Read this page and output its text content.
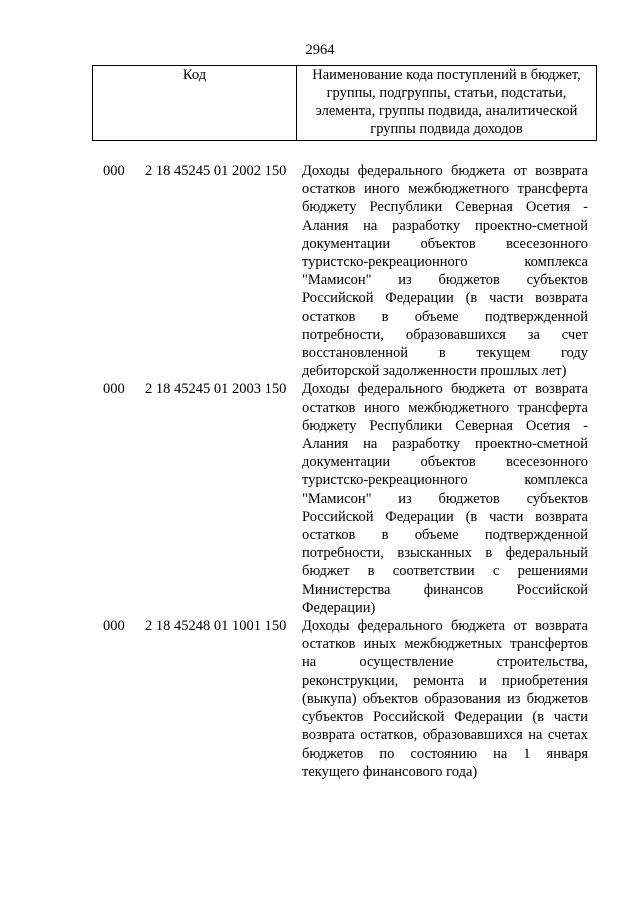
2964
Код	Наименование кода поступлений в бюджет, группы, подгруппы, статьи, подстатьи, элемента, группы подвида, аналитической группы подвида доходов
000 2 18 45245 01 2002 150 Доходы федерального бюджета от возврата
остатков иного межбюджетного трансферта
бюджету Республики Северная Осетия -
Алания на разработку проектно-сметной
документации объектов всесезонного
туристско-рекреационного комплекса
"Мамисон" из бюджетов субъектов
Российской Федерации (в части возврата
остатков в объеме подтвержденной
потребности, образовавшихся за счет
восстановленной в текущем году
дебиторской задолженности прошлых лет)
000 2 18 45245 01 2003 150 Доходы федерального бюджета от возврата
остатков иного межбюджетного трансферта
бюджету Республики Северная Осетия -
Алания на разработку проектно-сметной
документации объектов всесезонного
туристско-рекреационного комплекса
"Мамисон" из бюджетов субъектов
Российской Федерации (в части возврата
остатков в объеме подтвержденной
потребности, взысканных в федеральный
бюджет в соответствии с решениями
Министерства финансов Российской
Федерации)
000 2 18 45248 01 1001 150 Доходы федерального бюджета от возврата
остатков иных межбюджетных трансфертов
на осуществление строительства,
реконструкции, ремонта и приобретения
(выкупа) объектов образования из бюджетов
субъектов Российской Федерации (в части
возврата остатков, образовавшихся на счетах
бюджетов по состоянию на 1 января
текущего финансового года)
